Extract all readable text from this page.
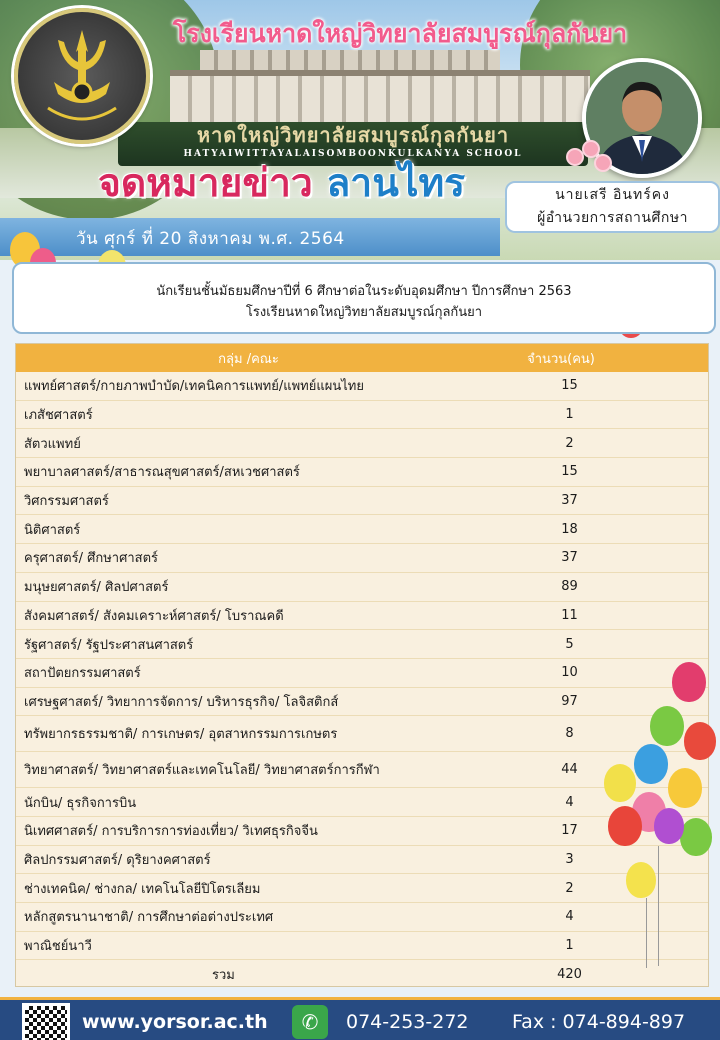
หาดใหญ่วิทยาลัยสมบูรณ์กุลกันยา
HATYAIWITTAYALAISOMBOONKULKANYA SCHOOL
โรงเรียนหาดใหญ่วิทยาลัยสมบูรณ์กุลกันยา
จดหมายข่าว ลานไทร	นายเสรี อินทร์คง
ผู้อำนวยการสถานศึกษา
วัน ศุกร์ ที่ 20 สิงหาคม พ.ศ. 2564
นักเรียนชั้นมัธยมศึกษาปีที่ 6 ศึกษาต่อในระดับอุดมศึกษา ปีการศึกษา 2563
โรงเรียนหาดใหญ่วิทยาลัยสมบูรณ์กุลกันยา
กลุ่ม /คณะ	จำนวน(คน)
แพทย์ศาสตร์/กายภาพบำบัด/เทคนิคการแพทย์/แพทย์แผนไทย	15
เภสัชศาสตร์	1
สัตวแพทย์	2
พยาบาลศาสตร์/สาธารณสุขศาสตร์/สหเวชศาสตร์	15
วิศกรรมศาสตร์	37
นิติศาสตร์	18
ครุศาสตร์/ ศึกษาศาสตร์	37
มนุษยศาสตร์/ ศิลปศาสตร์	89
สังคมศาสตร์/ สังคมเคราะห์ศาสตร์/ โบราณคดี	11
รัฐศาสตร์/ รัฐประศาสนศาสตร์	5
สถาปัตยกรรมศาสตร์	10
เศรษฐศาสตร์/ วิทยาการจัดการ/ บริหารธุรกิจ/ โลจิสติกส์	97
ทรัพยากรธรรมชาติ/ การเกษตร/ อุตสาหกรรมการเกษตร	8
วิทยาศาสตร์/ วิทยาศาสตร์และเทคโนโลยี/ วิทยาศาสตร์การกีฬา	44
นักบิน/ ธุรกิจการบิน	4
นิเทศศาสตร์/ การบริการการท่องเที่ยว/ วิเทศธุรกิจจีน	17
ศิลปกรรมศาสตร์/ ดุริยางคศาสตร์	3
ช่างเทคนิค/ ช่างกล/ เทคโนโลยีปิโตรเลียม	2
หลักสูตรนานาชาติ/ การศึกษาต่อต่างประเทศ	4
พาณิชย์นาวี	1
รวม	420
www.yorsor.ac.th	✆	074-253-272 Fax : 074-894-897
